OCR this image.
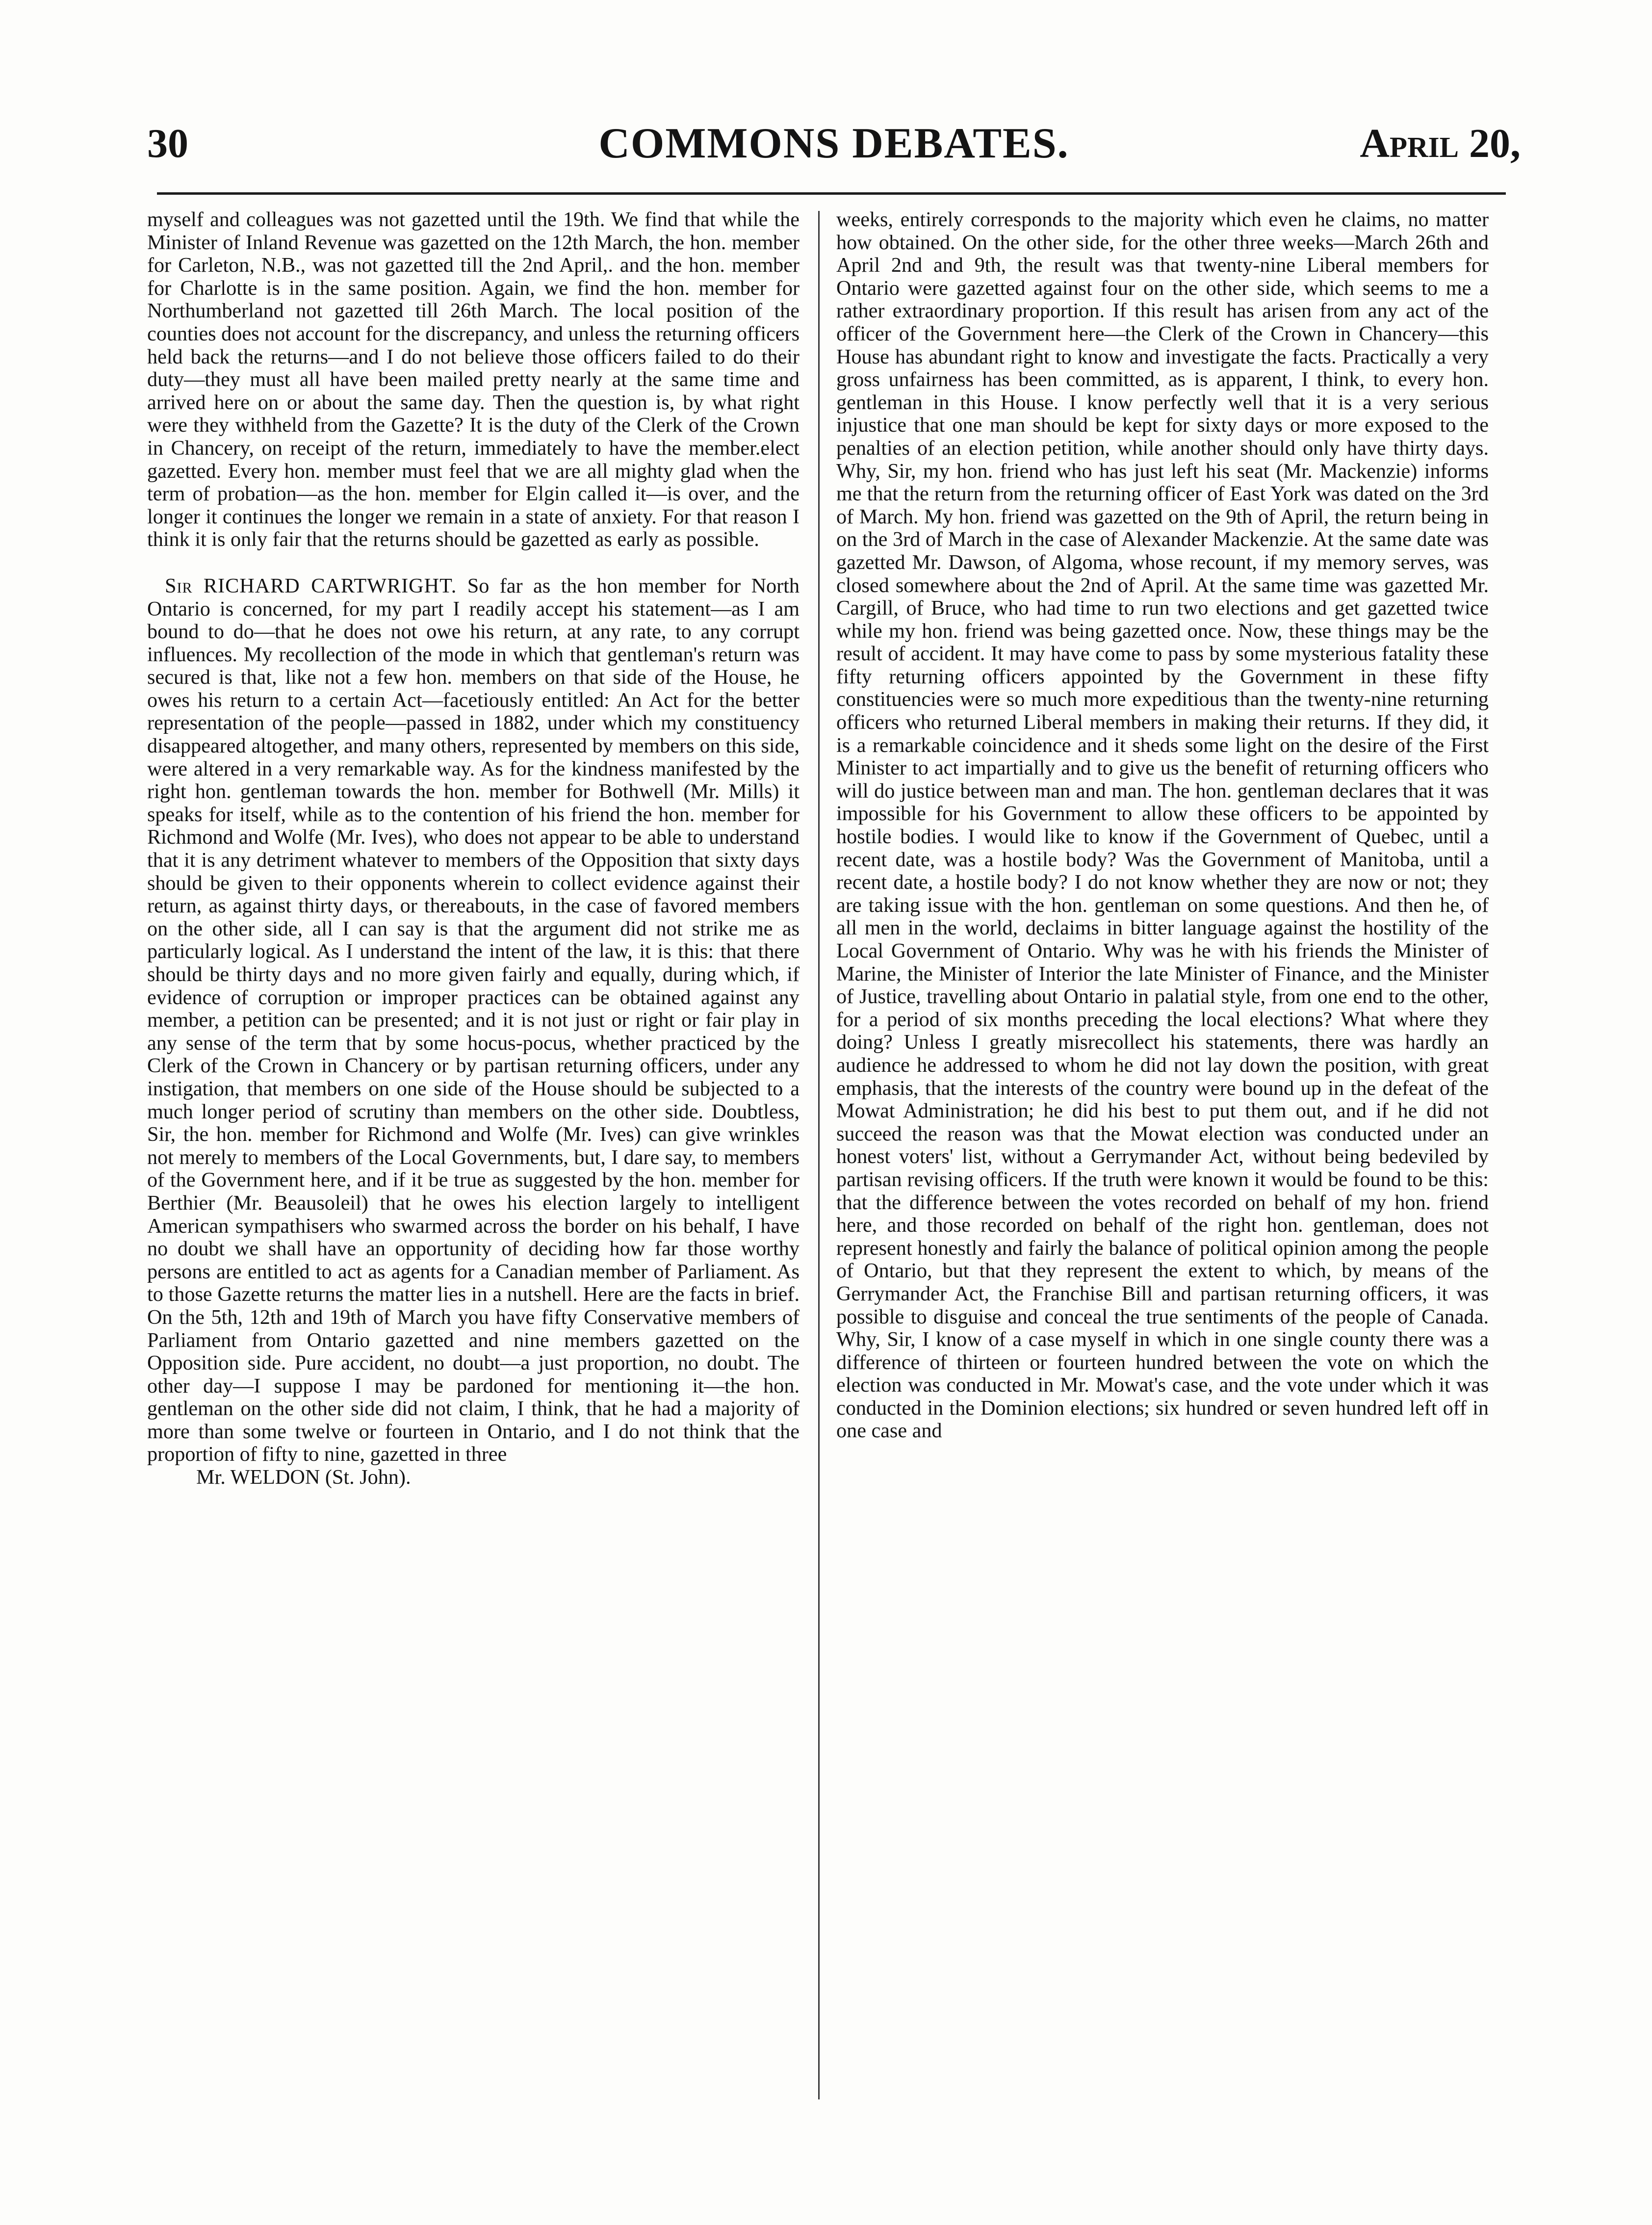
30	COMMONS DEBATES.	April 20,

myself and colleagues was not gazetted until the 19th. We find that while the Minister of Inland Revenue was gazetted on the 12th March, the hon. member for Carleton, N.B., was not gazetted till the 2nd April,. and the hon. member for Charlotte is in the same position. Again, we find the hon. member for Northumberland not gazetted till 26th March. The local position of the counties does not account for the discrepancy, and unless the returning officers held back the returns—and I do not believe those officers failed to do their duty—they must all have been mailed pretty nearly at the same time and arrived here on or about the same day. Then the question is, by what right were they withheld from the Gazette? It is the duty of the Clerk of the Crown in Chancery, on receipt of the return, immediately to have the member.elect gazetted. Every hon. member must feel that we are all mighty glad when the term of probation—as the hon. member for Elgin called it—is over, and the longer it continues the longer we remain in a state of anxiety. For that reason I think it is only fair that the returns should be gazetted as early as possible.

Sir RICHARD CARTWRIGHT. So far as the hon member for North Ontario is concerned, for my part I readily accept his statement—as I am bound to do—that he does not owe his return, at any rate, to any corrupt influences. My recollection of the mode in which that gentleman's return was secured is that, like not a few hon. members on that side of the House, he owes his return to a certain Act—facetiously entitled: An Act for the better representation of the people—passed in 1882, under which my constituency disappeared altogether, and many others, represented by members on this side, were altered in a very remarkable way. As for the kindness manifested by the right hon. gentleman towards the hon. member for Bothwell (Mr. Mills) it speaks for itself, while as to the contention of his friend the hon. member for Richmond and Wolfe (Mr. Ives), who does not appear to be able to understand that it is any detriment whatever to members of the Opposition that sixty days should be given to their opponents wherein to collect evidence against their return, as against thirty days, or thereabouts, in the case of favored members on the other side, all I can say is that the argument did not strike me as particularly logical. As I understand the intent of the law, it is this: that there should be thirty days and no more given fairly and equally, during which, if evidence of corruption or improper practices can be obtained against any member, a petition can be presented; and it is not just or right or fair play in any sense of the term that by some hocus-pocus, whether practiced by the Clerk of the Crown in Chancery or by partisan returning officers, under any instigation, that members on one side of the House should be subjected to a much longer period of scrutiny than members on the other side. Doubtless, Sir, the hon. member for Richmond and Wolfe (Mr. Ives) can give wrinkles not merely to members of the Local Governments, but, I dare say, to members of the Government here, and if it be true as suggested by the hon. member for Berthier (Mr. Beausoleil) that he owes his election largely to intelligent American sympathisers who swarmed across the border on his behalf, I have no doubt we shall have an opportunity of deciding how far those worthy persons are entitled to act as agents for a Canadian member of Parliament. As to those Gazette returns the matter lies in a nutshell. Here are the facts in brief. On the 5th, 12th and 19th of March you have fifty Conservative members of Parliament from Ontario gazetted and nine members gazetted on the Opposition side. Pure accident, no doubt—a just proportion, no doubt. The other day—I suppose I may be pardoned for mentioning it—the hon. gentleman on the other side did not claim, I think, that he had a majority of more than some twelve or fourteen in Ontario, and I do not think that the proportion of fifty to nine, gazetted in three

Mr. WELDON (St. John).

weeks, entirely corresponds to the majority which even he claims, no matter how obtained. On the other side, for the other three weeks—March 26th and April 2nd and 9th, the result was that twenty-nine Liberal members for Ontario were gazetted against four on the other side, which seems to me a rather extraordinary proportion. If this result has arisen from any act of the officer of the Government here—the Clerk of the Crown in Chancery—this House has abundant right to know and investigate the facts. Practically a very gross unfairness has been committed, as is apparent, I think, to every hon. gentleman in this House. I know perfectly well that it is a very serious injustice that one man should be kept for sixty days or more exposed to the penalties of an election petition, while another should only have thirty days. Why, Sir, my hon. friend who has just left his seat (Mr. Mackenzie) informs me that the return from the returning officer of East York was dated on the 3rd of March. My hon. friend was gazetted on the 9th of April, the return being in on the 3rd of March in the case of Alexander Mackenzie. At the same date was gazetted Mr. Dawson, of Algoma, whose recount, if my memory serves, was closed somewhere about the 2nd of April. At the same time was gazetted Mr. Cargill, of Bruce, who had time to run two elections and get gazetted twice while my hon. friend was being gazetted once. Now, these things may be the result of accident. It may have come to pass by some mysterious fatality these fifty returning officers appointed by the Government in these fifty constituencies were so much more expeditious than the twenty-nine returning officers who returned Liberal members in making their returns. If they did, it is a remarkable coincidence and it sheds some light on the desire of the First Minister to act impartially and to give us the benefit of returning officers who will do justice between man and man. The hon. gentleman declares that it was impossible for his Government to allow these officers to be appointed by hostile bodies. I would like to know if the Government of Quebec, until a recent date, was a hostile body? Was the Government of Manitoba, until a recent date, a hostile body? I do not know whether they are now or not; they are taking issue with the hon. gentleman on some questions. And then he, of all men in the world, declaims in bitter language against the hostility of the Local Government of Ontario. Why was he with his friends the Minister of Marine, the Minister of Interior the late Minister of Finance, and the Minister of Justice, travelling about Ontario in palatial style, from one end to the other, for a period of six months preceding the local elections? What where they doing? Unless I greatly misrecollect his statements, there was hardly an audience he addressed to whom he did not lay down the position, with great emphasis, that the interests of the country were bound up in the defeat of the Mowat Administration; he did his best to put them out, and if he did not succeed the reason was that the Mowat election was conducted under an honest voters' list, without a Gerrymander Act, without being bedeviled by partisan revising officers. If the truth were known it would be found to be this: that the difference between the votes recorded on behalf of my hon. friend here, and those recorded on behalf of the right hon. gentleman, does not represent honestly and fairly the balance of political opinion among the people of Ontario, but that they represent the extent to which, by means of the Gerrymander Act, the Franchise Bill and partisan returning officers, it was possible to disguise and conceal the true sentiments of the people of Canada. Why, Sir, I know of a case myself in which in one single county there was a difference of thirteen or fourteen hundred between the vote on which the election was conducted in Mr. Mowat's case, and the vote under which it was conducted in the Dominion elections; six hundred or seven hundred left off in one case and
